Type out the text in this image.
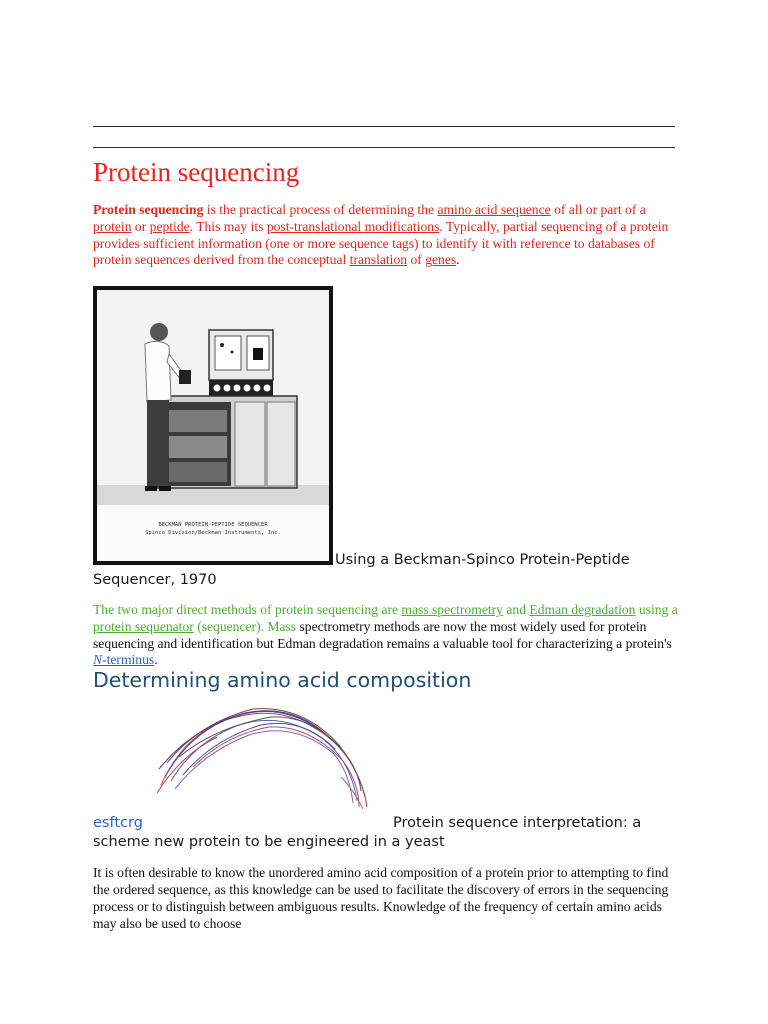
Protein sequencing

Protein sequencing is the practical process of determining the amino acid sequence of all or part of a protein or peptide. This may its post-translational modifications. Typically, partial sequencing of a protein provides sufficient information (one or more sequence tags) to identify it with reference to databases of protein sequences derived from the conceptual translation of genes.

BECKMAN PROTEIN-PEPTIDE SEQUENCER
Spinco Division/Beckman Instruments, Inc.

Using a Beckman-Spinco Protein-Peptide

Sequencer, 1970

The two major direct methods of protein sequencing are mass spectrometry and Edman degradation using a protein sequenator (sequencer). Mass spectrometry methods are now the most widely used for protein sequencing and identification but Edman degradation remains a valuable tool for characterizing a protein's N-terminus.

Determining amino acid composition
esftcrg	Protein sequence interpretation: a

scheme new protein to be engineered in a yeast

It is often desirable to know the unordered amino acid composition of a protein prior to attempting to find the ordered sequence, as this knowledge can be used to facilitate the discovery of errors in the sequencing process or to distinguish between ambiguous results. Knowledge of the frequency of certain amino acids may also be used to choose
